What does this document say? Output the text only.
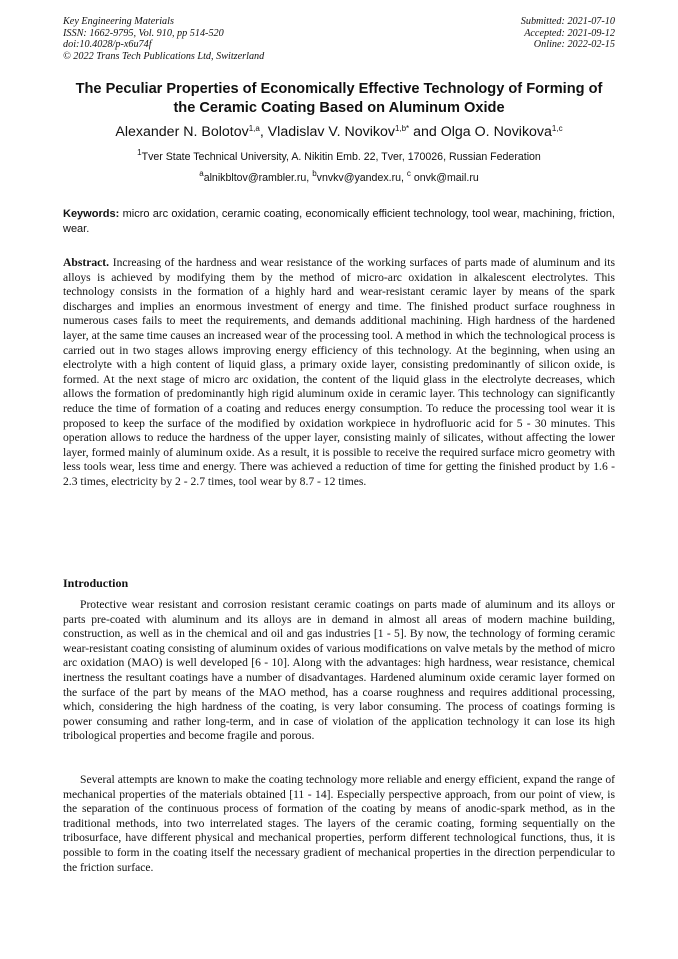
Key Engineering Materials
ISSN: 1662-9795, Vol. 910, pp 514-520
doi:10.4028/p-x6u74f
© 2022 Trans Tech Publications Ltd, Switzerland
Submitted: 2021-07-10
Accepted: 2021-09-12
Online: 2022-02-15
The Peculiar Properties of Economically Effective Technology of Forming of the Ceramic Coating Based on Aluminum Oxide
Alexander N. Bolotov$^{1,a}$, Vladislav V. Novikov$^{1,b*}$ and Olga O. Novikova$^{1,c}$
$^1$Tver State Technical University, A. Nikitin Emb. 22, Tver, 170026, Russian Federation
$^a$alnikbltov@rambler.ru, $^b$vnvkv@yandex.ru, $^c$ onvk@mail.ru
Keywords: micro arc oxidation, ceramic coating, economically efficient technology, tool wear, machining, friction, wear.
Abstract. Increasing of the hardness and wear resistance of the working surfaces of parts made of aluminum and its alloys is achieved by modifying them by the method of micro-arc oxidation in alkalescent electrolytes. This technology consists in the formation of a highly hard and wear-resistant ceramic layer by means of the spark discharges and implies an enormous investment of energy and time. The finished product surface roughness in numerous cases fails to meet the requirements, and demands additional machining. High hardness of the hardened layer, at the same time causes an increased wear of the processing tool. A method in which the technological process is carried out in two stages allows improving energy efficiency of this technology. At the beginning, when using an electrolyte with a high content of liquid glass, a primary oxide layer, consisting predominantly of silicon oxide, is formed. At the next stage of micro arc oxidation, the content of the liquid glass in the electrolyte decreases, which allows the formation of predominantly high rigid aluminum oxide in ceramic layer. This technology can significantly reduce the time of formation of a coating and reduces energy consumption. To reduce the processing tool wear it is proposed to keep the surface of the modified by oxidation workpiece in hydrofluoric acid for 5 - 30 minutes. This operation allows to reduce the hardness of the upper layer, consisting mainly of silicates, without affecting the lower layer, formed mainly of aluminum oxide. As a result, it is possible to receive the required surface micro geometry with less tools wear, less time and energy. There was achieved a reduction of time for getting the finished product by 1.6 - 2.3 times, electricity by 2 - 2.7 times, tool wear by 8.7 - 12 times.
Introduction
Protective wear resistant and corrosion resistant ceramic coatings on parts made of aluminum and its alloys or parts pre-coated with aluminum and its alloys are in demand in almost all areas of modern machine building, construction, as well as in the chemical and oil and gas industries [1 - 5]. By now, the technology of forming ceramic wear-resistant coating consisting of aluminum oxides of various modifications on valve metals by the method of micro arc oxidation (MAO) is well developed [6 - 10]. Along with the advantages: high hardness, wear resistance, chemical inertness the resultant coatings have a number of disadvantages. Hardened aluminum oxide ceramic layer formed on the surface of the part by means of the MAO method, has a coarse roughness and requires additional processing, which, considering the high hardness of the coating, is very labor consuming. The process of coatings forming is power consuming and rather long-term, and in case of violation of the application technology it can lose its high tribological properties and become fragile and porous.
Several attempts are known to make the coating technology more reliable and energy efficient, expand the range of mechanical properties of the materials obtained [11 - 14]. Especially perspective approach, from our point of view, is the separation of the continuous process of formation of the coating by means of anodic-spark method, as in the traditional methods, into two interrelated stages. The layers of the ceramic coating, forming sequentially on the tribosurface, have different physical and mechanical properties, perform different technological functions, thus, it is possible to form in the coating itself the necessary gradient of mechanical properties in the direction perpendicular to the friction surface.
